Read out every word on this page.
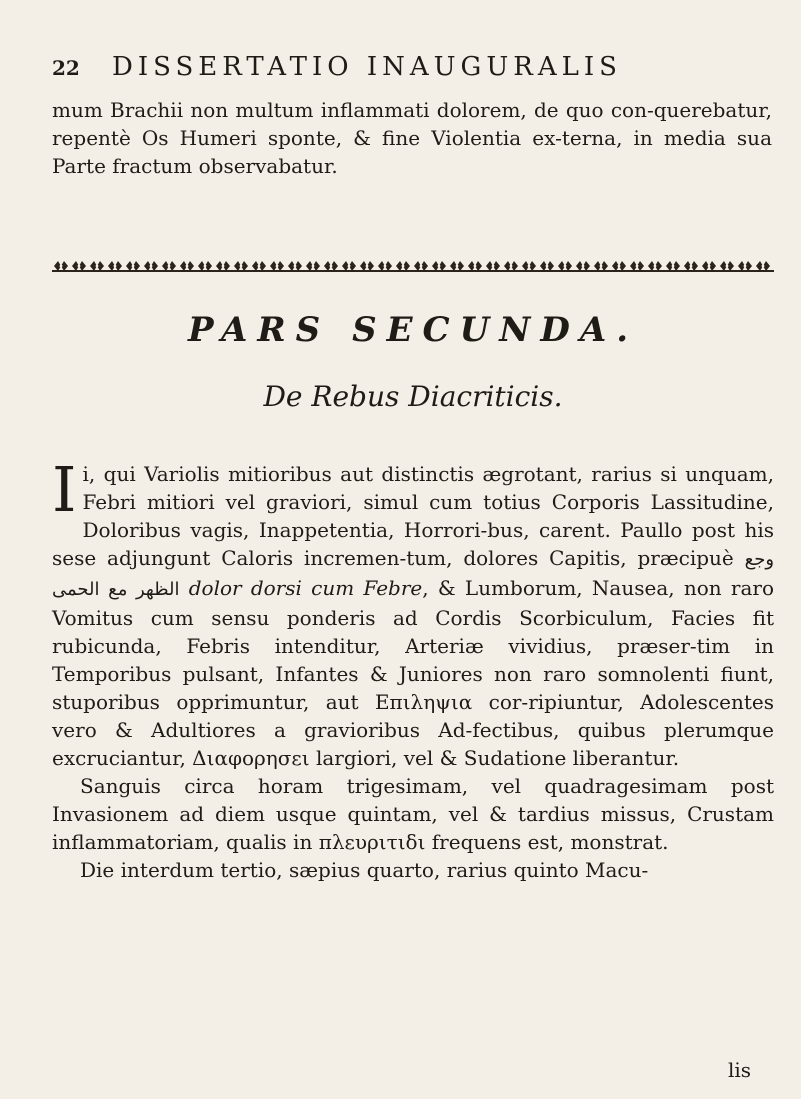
22 DISSERTATIO INAUGURALIS

mum Brachii non multum inflammati dolorem, de quo con-querebatur, repentè Os Humeri sponte, & fine Violentia ex-terna, in media sua Parte fractum observabatur.

PARS SECUNDA.
De Rebus Diacriticis.

Ii, qui Variolis mitioribus aut distinctis ægrotant, rarius si unquam, Febri mitiori vel graviori, simul cum totius Corporis Lassitudine, Doloribus vagis, Inappetentia, Horrori-bus, carent. Paullo post his sese adjungunt Caloris incremen-tum, dolores Capitis, præcipuè وجع الظهر مع الحمى dolor dorsi cum Febre, & Lumborum, Nausea, non raro Vomitus cum sensu ponderis ad Cordis Scorbiculum, Facies fit rubicunda, Febris intenditur, Arteriæ vividius, præser-tim in Temporibus pulsant, Infantes & Juniores non raro somnolenti fiunt, stuporibus opprimuntur, aut Επιληψια cor-ripiuntur, Adolescentes vero & Adultiores a gravioribus Ad-fectibus, quibus plerumque excruciantur, Διαφορησει largiori, vel & Sudatione liberantur.

Sanguis circa horam trigesimam, vel quadragesimam post Invasionem ad diem usque quintam, vel & tardius missus, Crustam inflammatoriam, qualis in πλευριτιδι frequens est, monstrat.

Die interdum tertio, sæpius quarto, rarius quinto Macu-

lis
